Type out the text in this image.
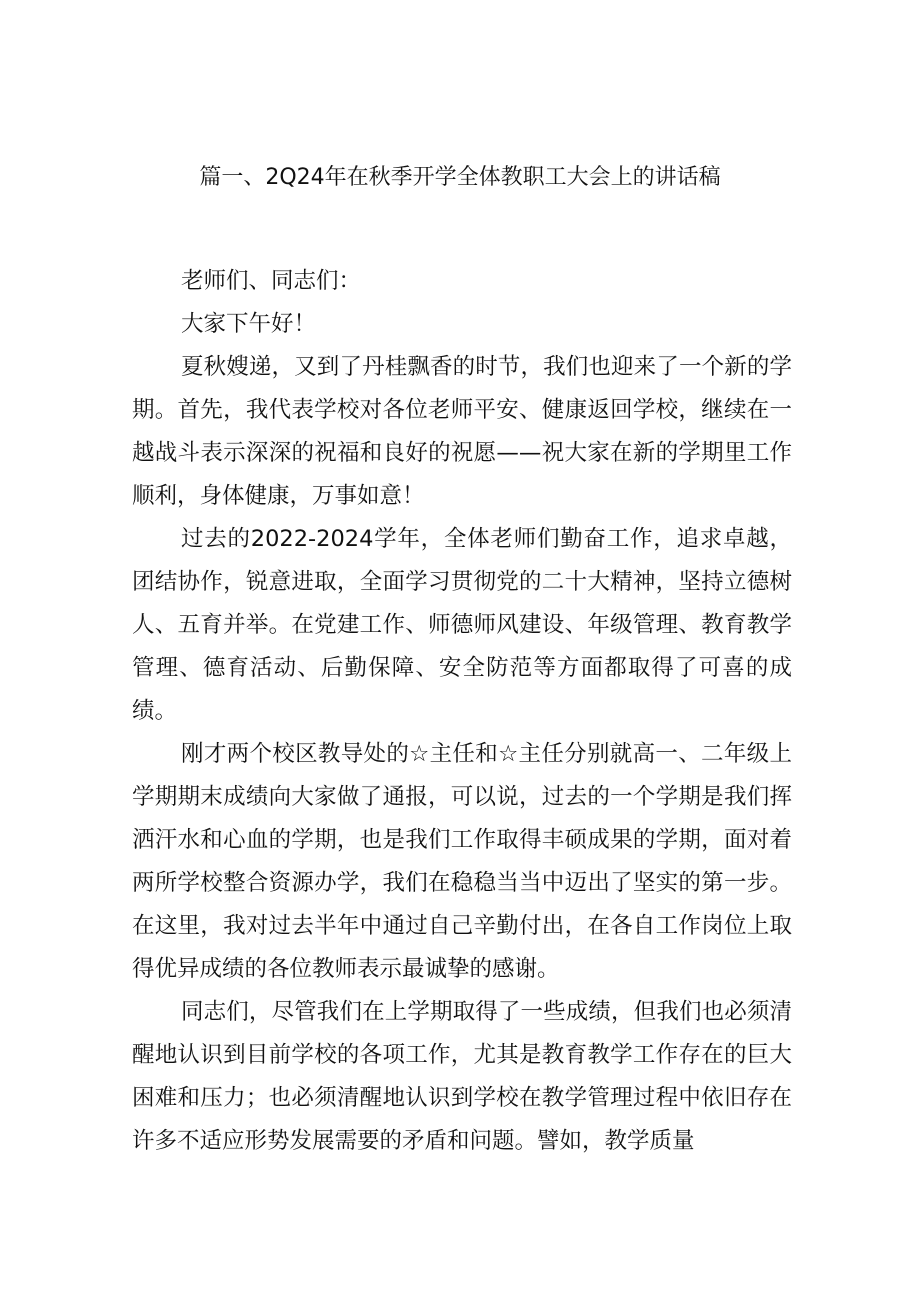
篇一、2Q24年在秋季开学全体教职工大会上的讲话稿

老师们、同志们：

大家下午好！

夏秋嫂递，又到了丹桂飘香的时节，我们也迎来了一个新的学期。首先，我代表学校对各位老师平安、健康返回学校，继续在一越战斗表示深深的祝福和良好的祝愿——祝大家在新的学期里工作顺利，身体健康，万事如意！

过去的2022-2024学年，全体老师们勤奋工作，追求卓越，团结协作，锐意进取，全面学习贯彻党的二十大精神，坚持立德树人、五育并举。在党建工作、师德师风建设、年级管理、教育教学管理、德育活动、后勤保障、安全防范等方面都取得了可喜的成绩。

刚才两个校区教导处的☆主任和☆主任分别就高一、二年级上学期期末成绩向大家做了通报，可以说，过去的一个学期是我们挥洒汗水和心血的学期，也是我们工作取得丰硕成果的学期，面对着两所学校整合资源办学，我们在稳稳当当中迈出了坚实的第一步。在这里，我对过去半年中通过自己辛勤付出，在各自工作岗位上取得优异成绩的各位教师表示最诚挚的感谢。

同志们，尽管我们在上学期取得了一些成绩，但我们也必须清醒地认识到目前学校的各项工作，尤其是教育教学工作存在的巨大困难和压力；也必须清醒地认识到学校在教学管理过程中依旧存在许多不适应形势发展需要的矛盾和问题。譬如，教学质量
